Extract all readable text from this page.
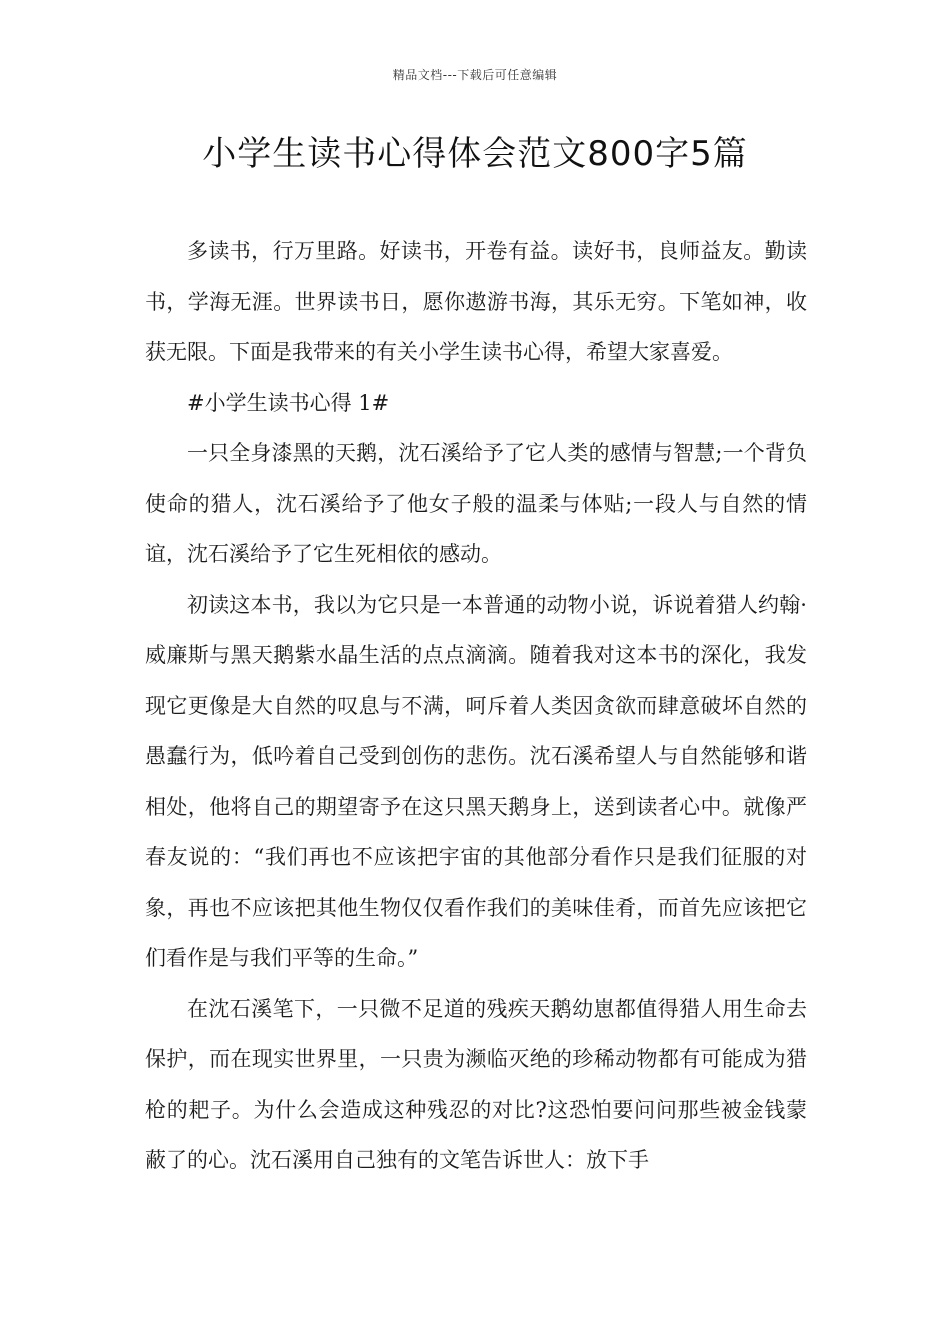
精品文档---下载后可任意编辑
小学生读书心得体会范文800字5篇

多读书，行万里路。好读书，开卷有益。读好书，良师益友。勤读书，学海无涯。世界读书日，愿你遨游书海，其乐无穷。下笔如神，收获无限。下面是我带来的有关小学生读书心得，希望大家喜爱。

#小学生读书心得 1#

一只全身漆黑的天鹅，沈石溪给予了它人类的感情与智慧;一个背负使命的猎人，沈石溪给予了他女子般的温柔与体贴;一段人与自然的情谊，沈石溪给予了它生死相依的感动。

初读这本书，我以为它只是一本普通的动物小说，诉说着猎人约翰·威廉斯与黑天鹅紫水晶生活的点点滴滴。随着我对这本书的深化，我发现它更像是大自然的叹息与不满，呵斥着人类因贪欲而肆意破坏自然的愚蠢行为，低吟着自己受到创伤的悲伤。沈石溪希望人与自然能够和谐相处，他将自己的期望寄予在这只黑天鹅身上，送到读者心中。就像严春友说的：“我们再也不应该把宇宙的其他部分看作只是我们征服的对象，再也不应该把其他生物仅仅看作我们的美味佳肴，而首先应该把它们看作是与我们平等的生命。”

在沈石溪笔下，一只微不足道的残疾天鹅幼崽都值得猎人用生命去保护，而在现实世界里，一只贵为濒临灭绝的珍稀动物都有可能成为猎枪的耙子。为什么会造成这种残忍的对比?这恐怕要问问那些被金钱蒙蔽了的心。沈石溪用自己独有的文笔告诉世人：放下手
